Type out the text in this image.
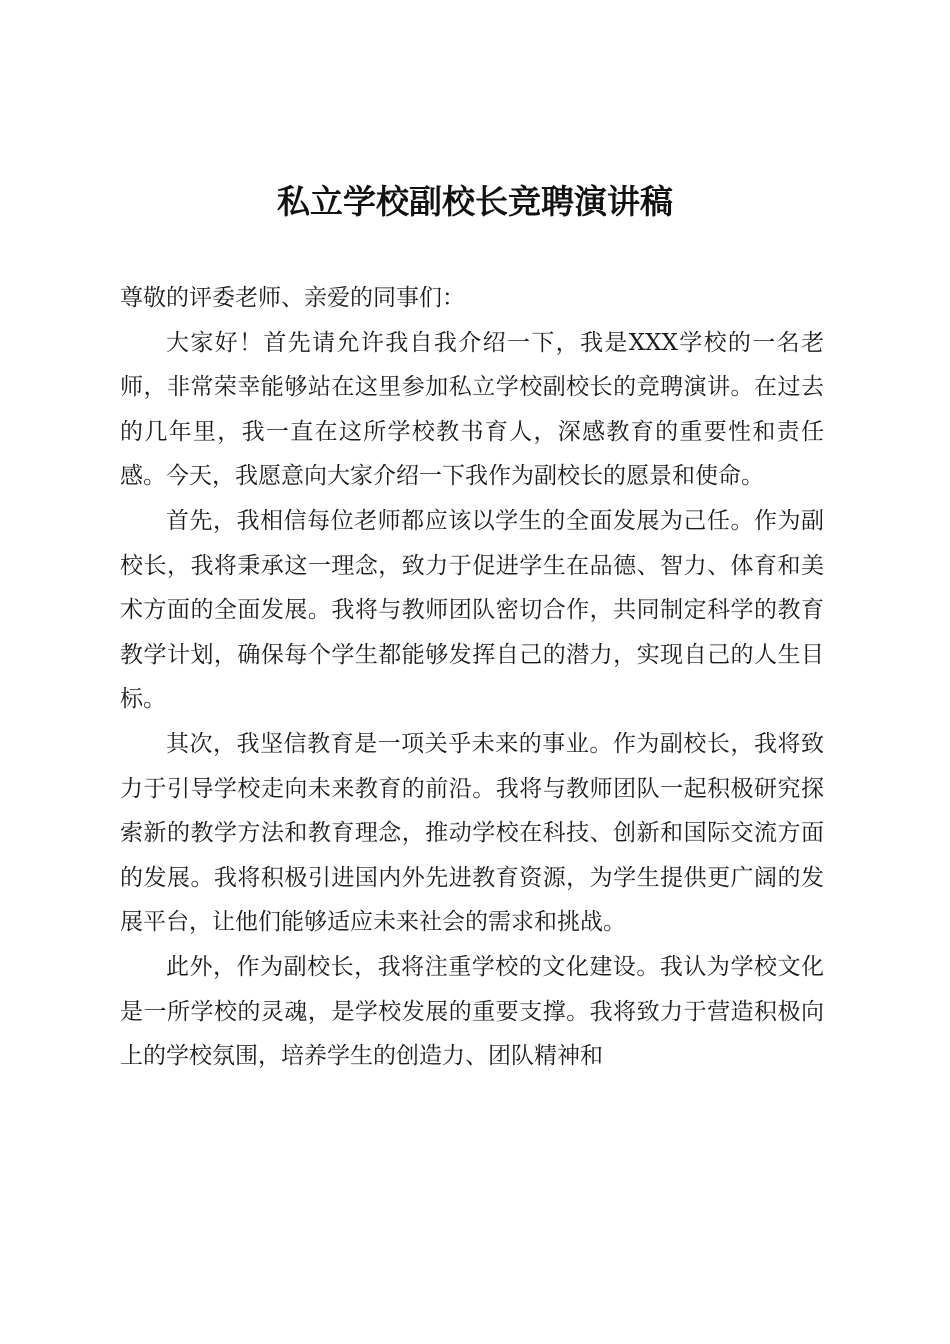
私立学校副校长竞聘演讲稿

尊敬的评委老师、亲爱的同事们：

大家好！首先请允许我自我介绍一下，我是XXX学校的一名老师，非常荣幸能够站在这里参加私立学校副校长的竞聘演讲。在过去的几年里，我一直在这所学校教书育人，深感教育的重要性和责任感。今天，我愿意向大家介绍一下我作为副校长的愿景和使命。

首先，我相信每位老师都应该以学生的全面发展为己任。作为副校长，我将秉承这一理念，致力于促进学生在品德、智力、体育和美术方面的全面发展。我将与教师团队密切合作，共同制定科学的教育教学计划，确保每个学生都能够发挥自己的潜力，实现自己的人生目标。

其次，我坚信教育是一项关乎未来的事业。作为副校长，我将致力于引导学校走向未来教育的前沿。我将与教师团队一起积极研究探索新的教学方法和教育理念，推动学校在科技、创新和国际交流方面的发展。我将积极引进国内外先进教育资源，为学生提供更广阔的发展平台，让他们能够适应未来社会的需求和挑战。

此外，作为副校长，我将注重学校的文化建设。我认为学校文化是一所学校的灵魂，是学校发展的重要支撑。我将致力于营造积极向上的学校氛围，培养学生的创造力、团队精神和
